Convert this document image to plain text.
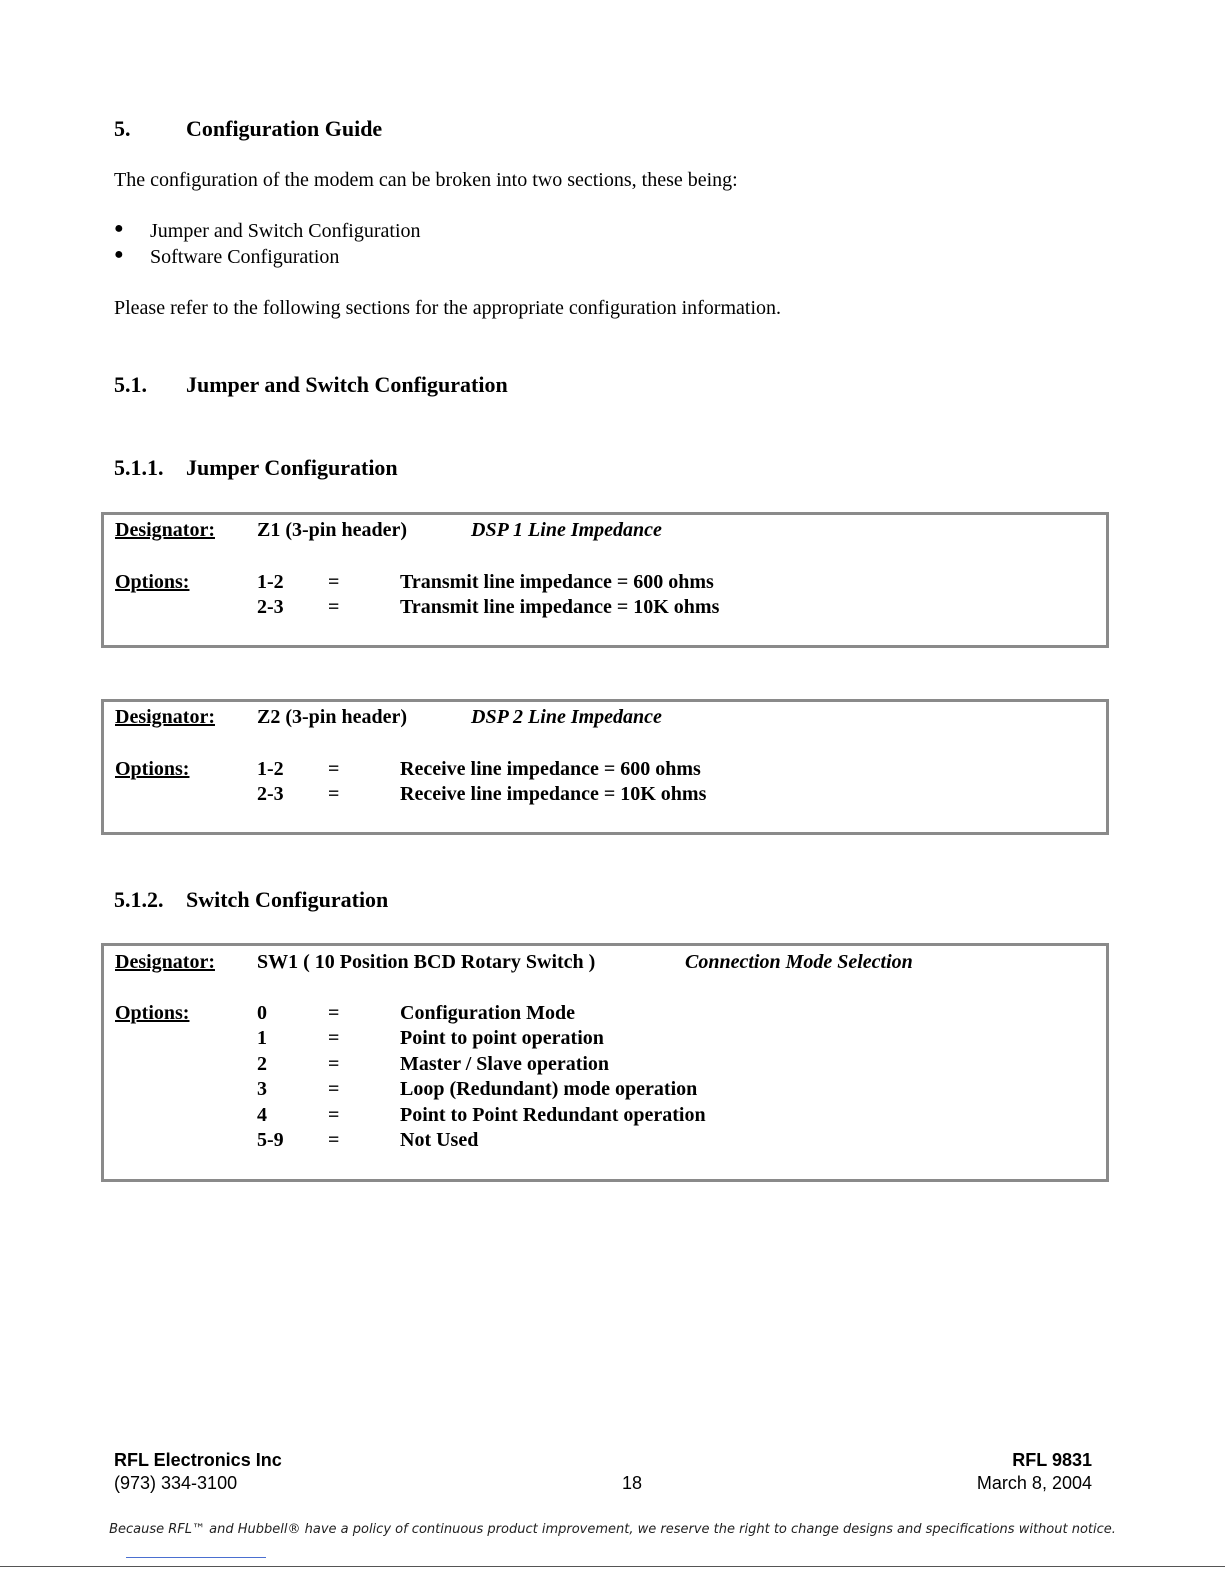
5.	Configuration Guide
The configuration of the modem can be broken into two sections, these being:
● Jumper and Switch Configuration
● Software Configuration
Please refer to the following sections for the appropriate configuration information.
5.1. Jumper and Switch Configuration
5.1.1. Jumper Configuration
Designator: Z1 (3-pin header)	DSP 1 Line Impedance
Options:	1-2 =	Transmit line impedance = 600 ohms
2-3 =	Transmit line impedance = 10K ohms
Designator: Z2 (3-pin header)	DSP 2 Line Impedance
Options:	1-2 =	Receive line impedance = 600 ohms
2-3 =	Receive line impedance = 10K ohms
5.1.2. Switch Configuration
Designator: SW1 ( 10 Position BCD Rotary Switch )	Connection Mode Selection
Options:	0	=	Configuration Mode
1	=	Point to point operation
2	=	Master / Slave operation
3	=	Loop (Redundant) mode operation
4	=	Point to Point Redundant operation
5-9 =	Not Used
RFL Electronics Inc
(973) 334-3100	18
RFL 9831
March 8, 2004
Because RFL™ and Hubbell® have a policy of continuous product improvement, we reserve the right to change designs and specifications without notice.
